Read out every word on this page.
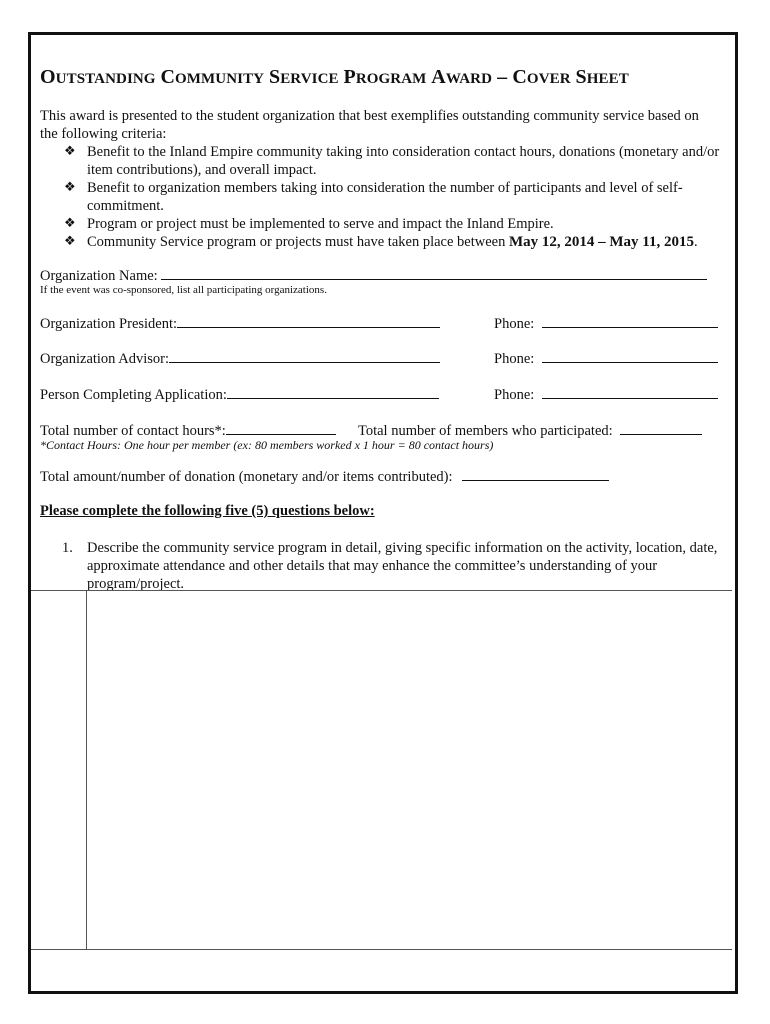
OUTSTANDING COMMUNITY SERVICE PROGRAM AWARD – COVER SHEET
This award is presented to the student organization that best exemplifies outstanding community service based on the following criteria:
❖ Benefit to the Inland Empire community taking into consideration contact hours, donations (monetary and/or item contributions), and overall impact.
❖ Benefit to organization members taking into consideration the number of participants and level of self-commitment.
❖ Program or project must be implemented to serve and impact the Inland Empire.
❖ Community Service program or projects must have taken place between May 12, 2014 – May 11, 2015.
Organization Name:
If the event was co-sponsored, list all participating organizations.
Organization President:	Phone:
Organization Advisor:	Phone:
Person Completing Application:	Phone:
Total number of contact hours*:	Total number of members who participated:
*Contact Hours: One hour per member (ex: 80 members worked x 1 hour = 80 contact hours)
Total amount/number of donation (monetary and/or items contributed):
Please complete the following five (5) questions below:
1. Describe the community service program in detail, giving specific information on the activity, location, date, approximate attendance and other details that may enhance the committee’s understanding of your program/project.
